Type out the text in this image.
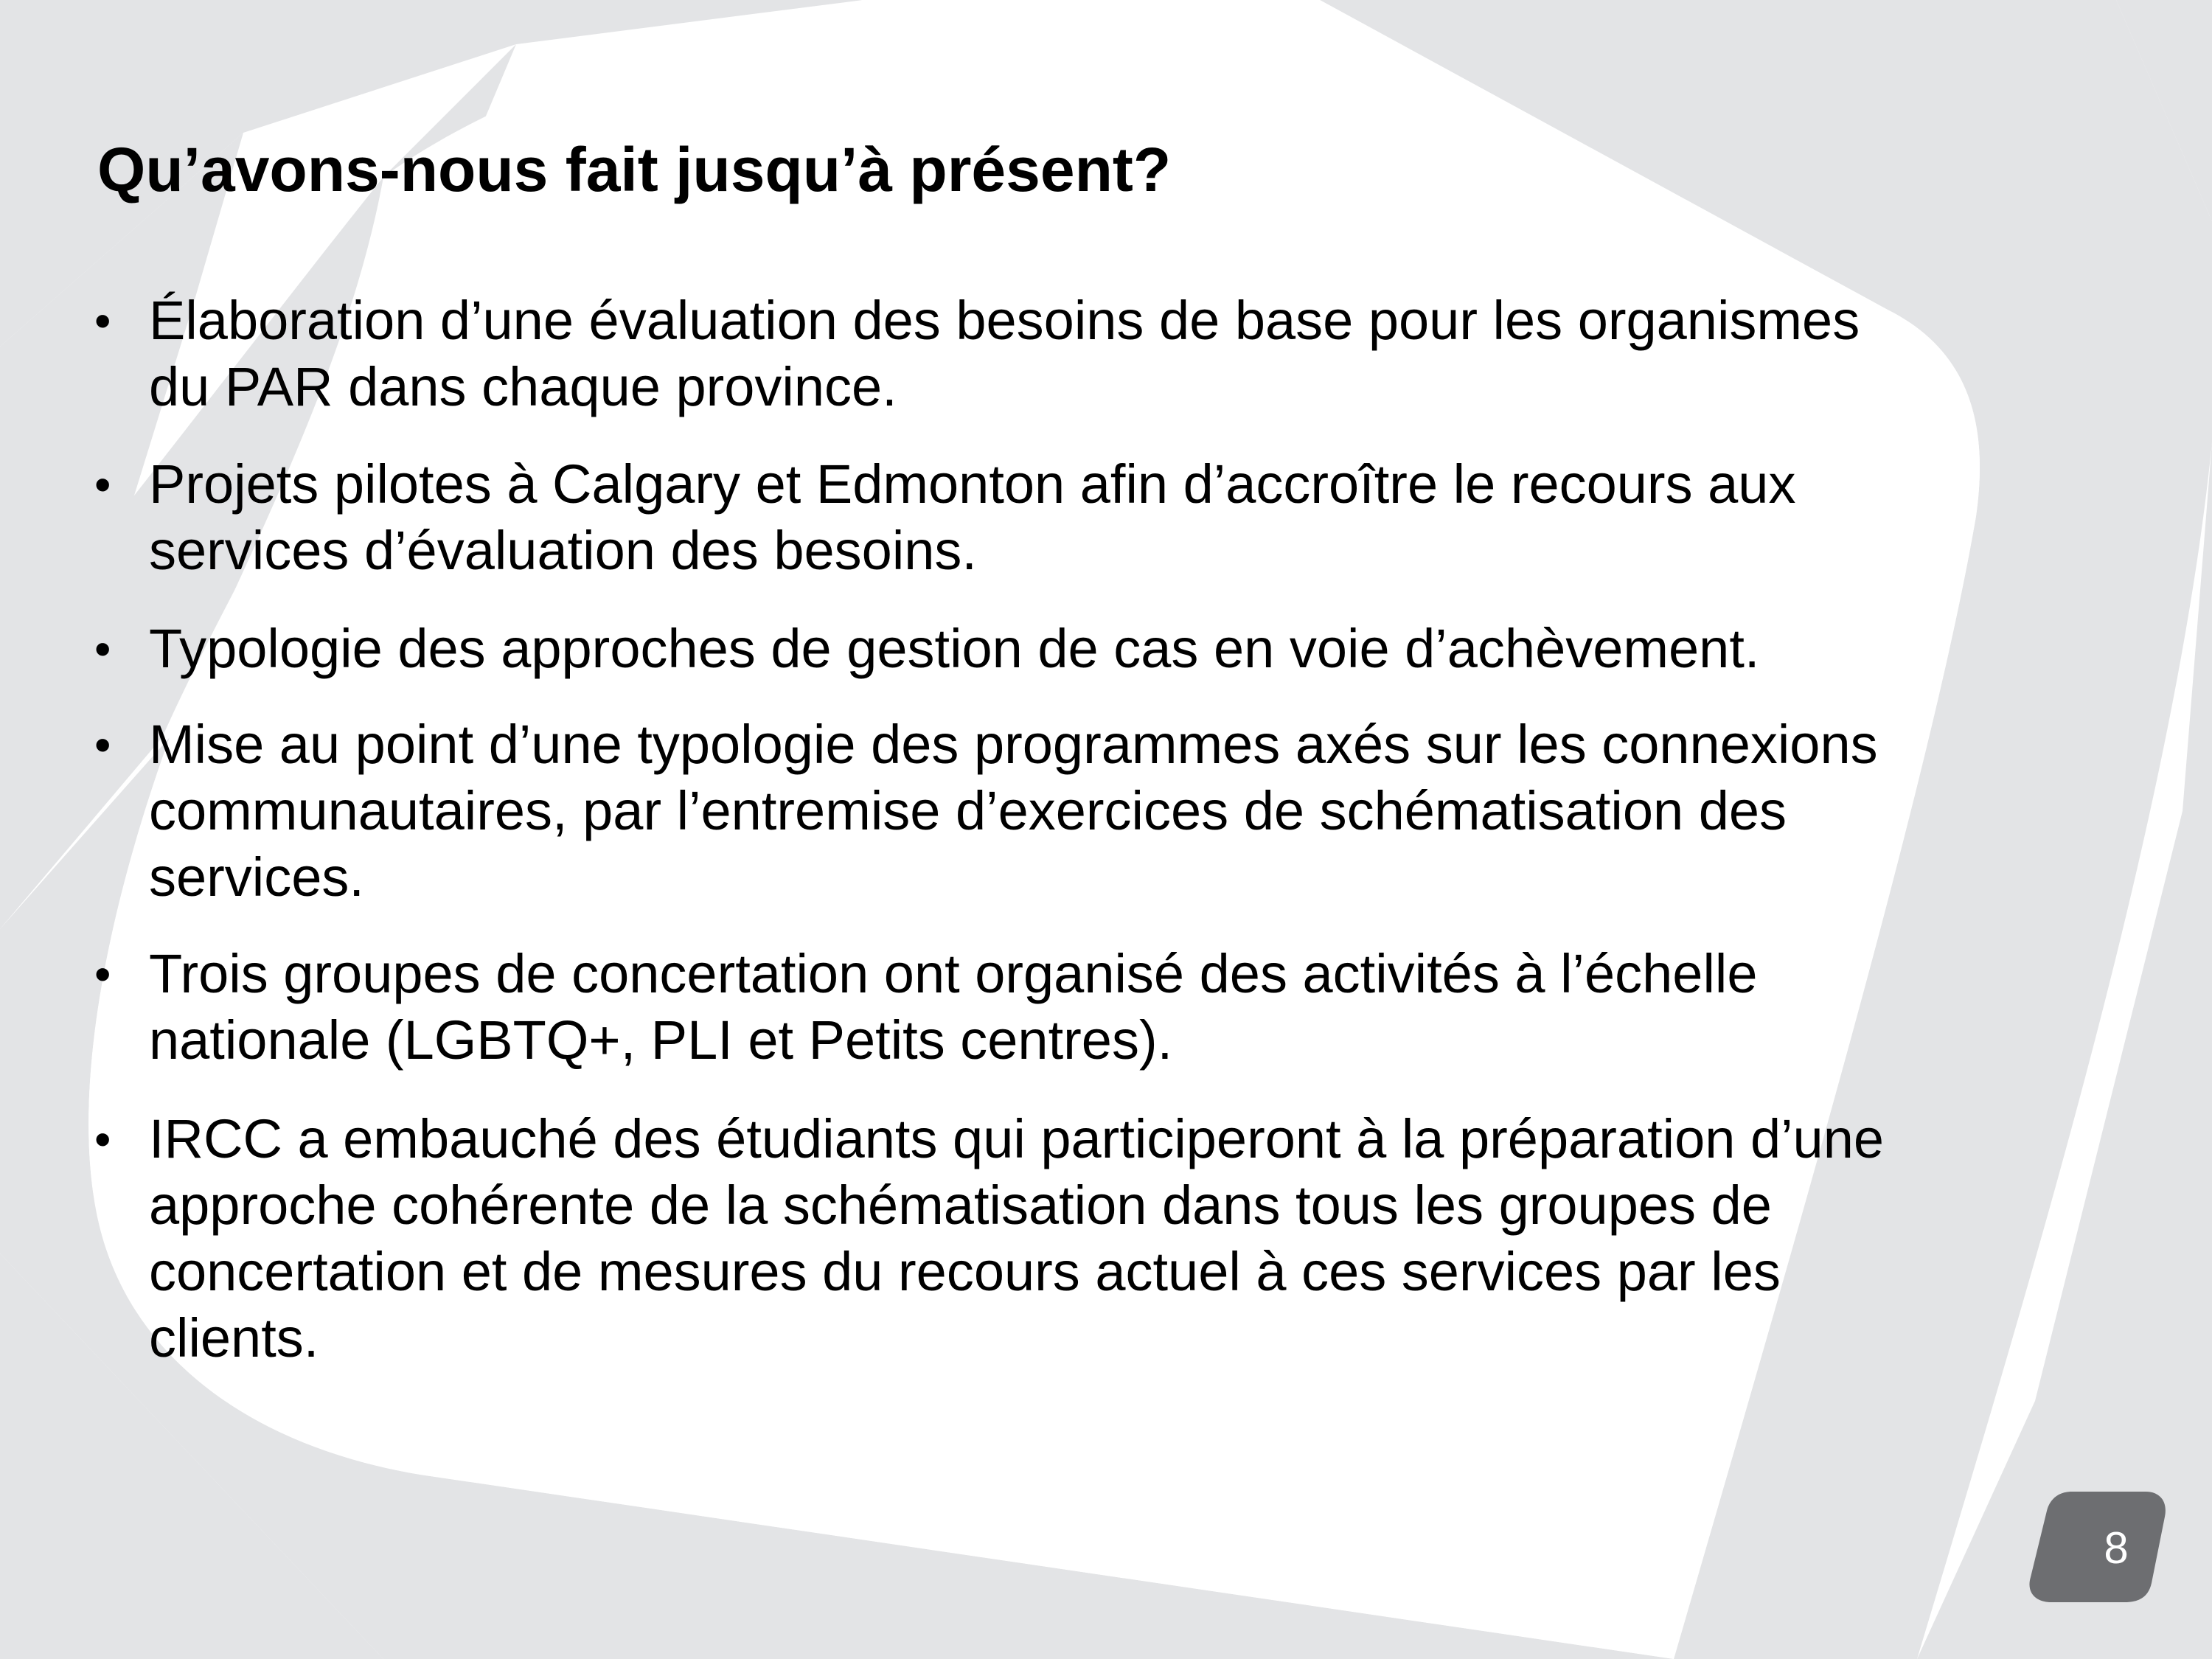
Qu’avons-nous fait jusqu’à présent?
• Élaboration d’une évaluation des besoins de base pour les organismes
du PAR dans chaque province.
• Projets pilotes à Calgary et Edmonton afin d’accroître le recours aux
services d’évaluation des besoins.
• Typologie des approches de gestion de cas en voie d’achèvement.
• Mise au point d’une typologie des programmes axés sur les connexions
communautaires, par l’entremise d’exercices de schématisation des
services.
• Trois groupes de concertation ont organisé des activités à l’échelle
nationale (LGBTQ+, PLI et Petits centres).
• IRCC a embauché des étudiants qui participeront à la préparation d’une
approche cohérente de la schématisation dans tous les groupes de
concertation et de mesures du recours actuel à ces services par les
clients.
8
